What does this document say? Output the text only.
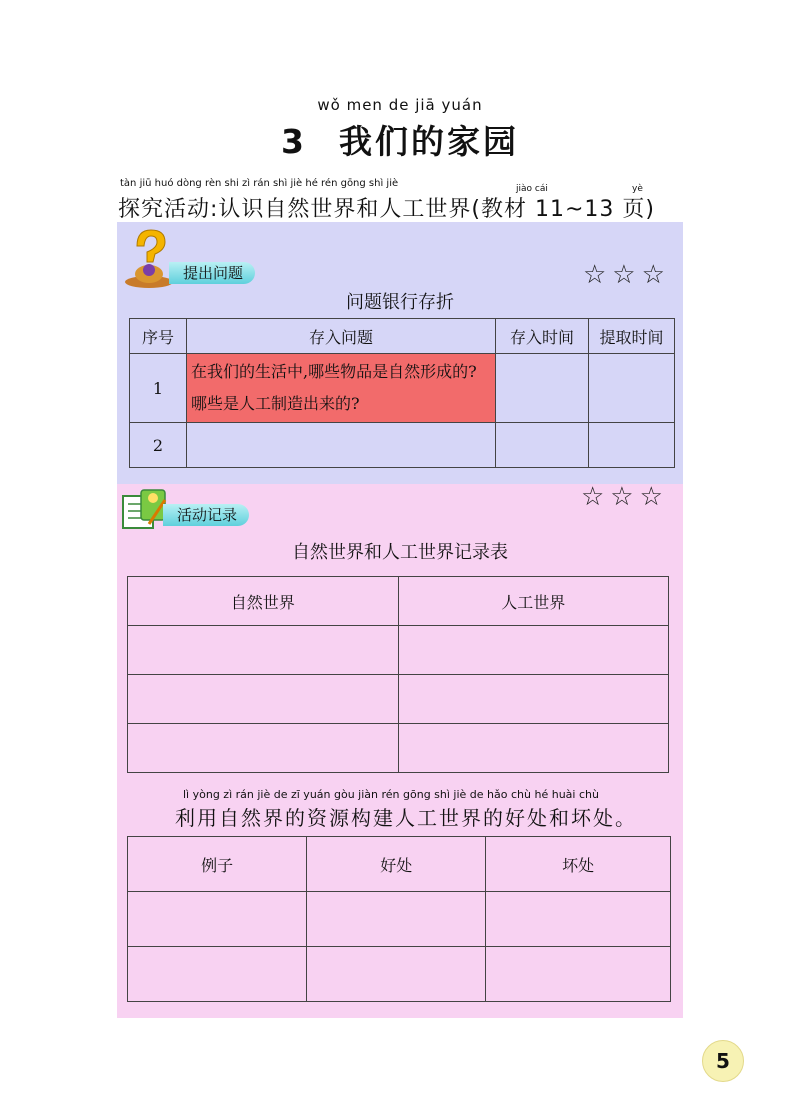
wǒ men de jiā yuán
3 我们的家园
tàn jiū huó dòng rèn shi zì rán shì jiè hé rén gōng shì jiè	jiào cái	yè
探究活动:认识自然世界和人工世界(教材 11~13 页)
提出问题	☆☆☆
问题银行存折
序号	存入问题	存入时间	提取时间
1	在我们的生活中,哪些物品是自然形成的?哪些是人工制造出来的?		
2			
活动记录
☆☆☆
自然世界和人工世界记录表
自然世界	人工世界

lì yòng zì rán jiè de zī yuán gòu jiàn rén gōng shì jiè de hǎo chù hé huài chù
利用自然界的资源构建人工世界的好处和坏处。
例子	好处	坏处

5
